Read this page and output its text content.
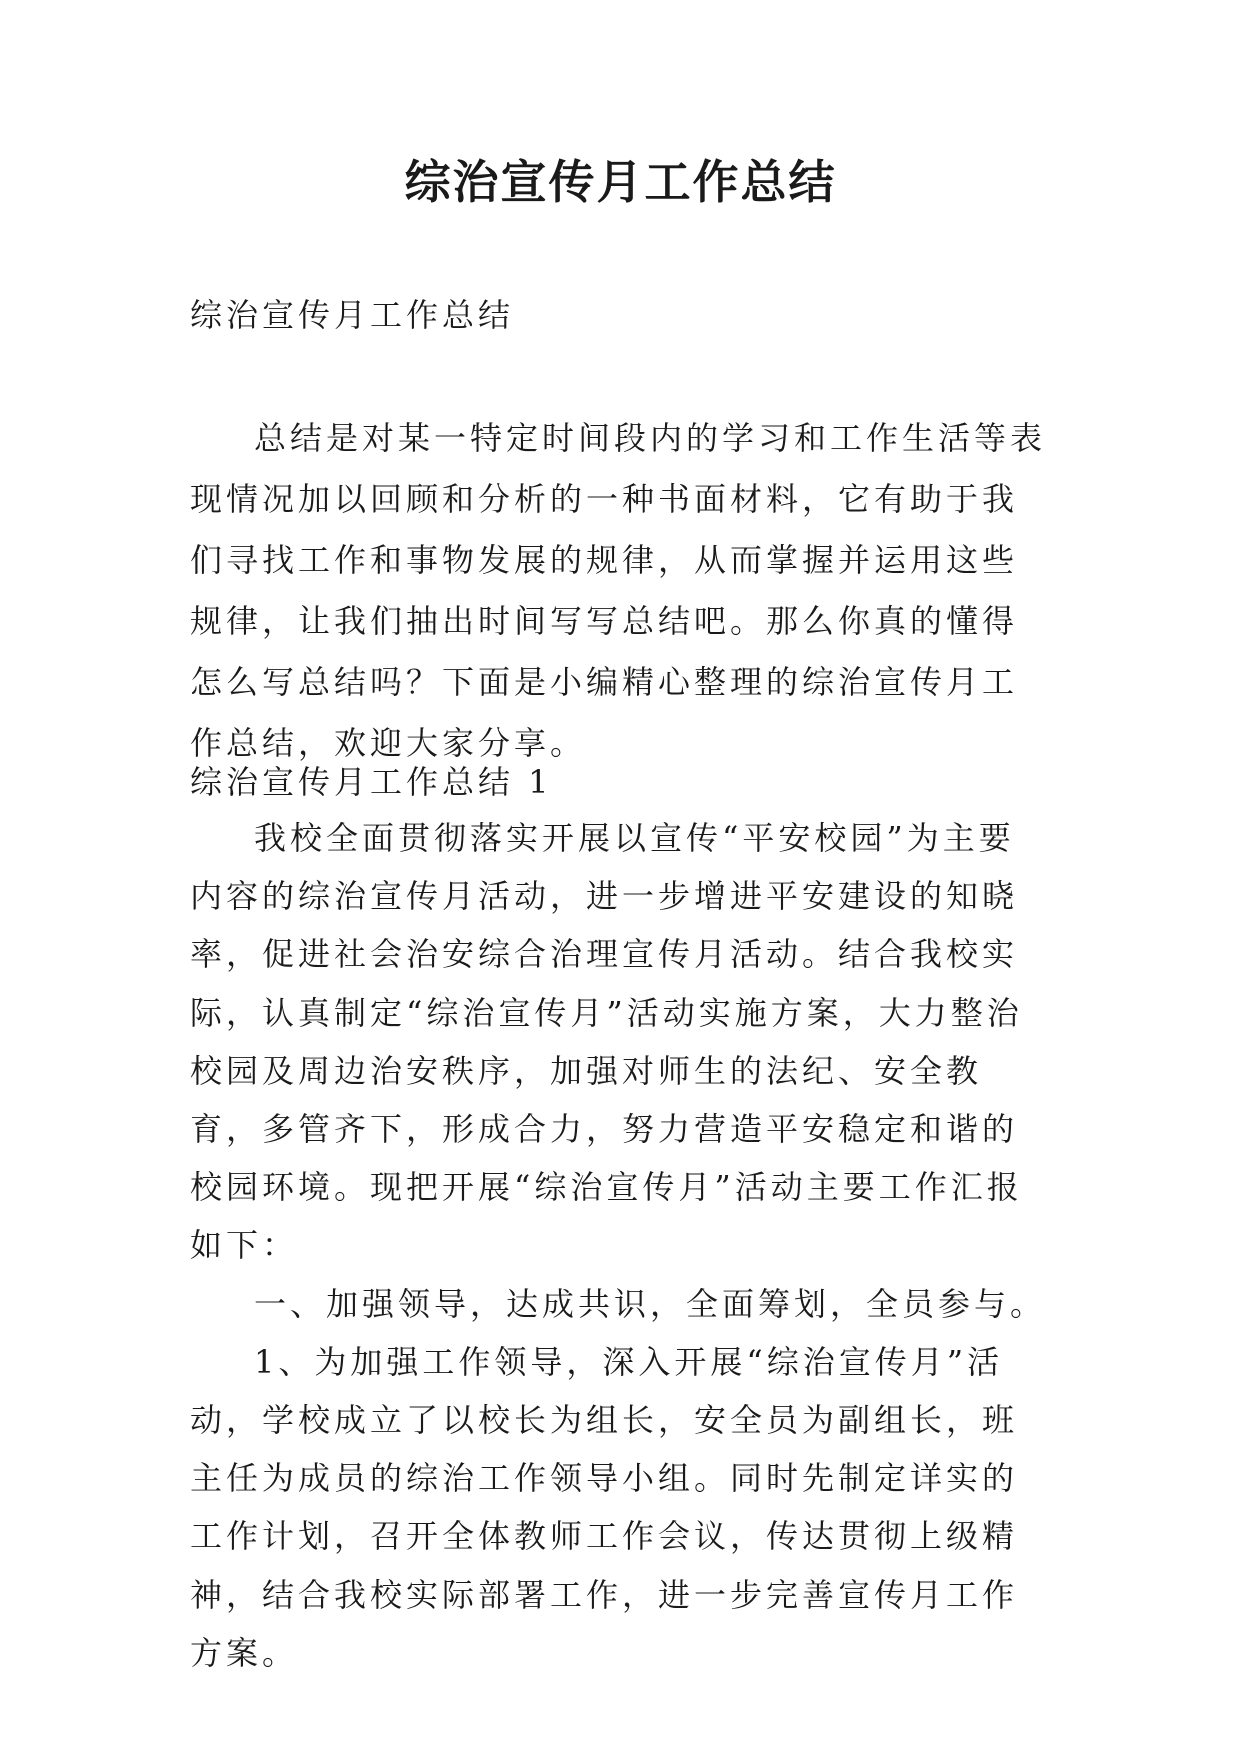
综治宣传月工作总结

综治宣传月工作总结

总结是对某一特定时间段内的学习和工作生活等表现情况加以回顾和分析的一种书面材料，它有助于我们寻找工作和事物发展的规律，从而掌握并运用这些规律，让我们抽出时间写写总结吧。那么你真的懂得怎么写总结吗？下面是小编精心整理的综治宣传月工作总结，欢迎大家分享。

综治宣传月工作总结 1

我校全面贯彻落实开展以宣传“平安校园”为主要内容的综治宣传月活动，进一步增进平安建设的知晓率，促进社会治安综合治理宣传月活动。结合我校实际，认真制定“综治宣传月”活动实施方案，大力整治校园及周边治安秩序，加强对师生的法纪、安全教育，多管齐下，形成合力，努力营造平安稳定和谐的校园环境。现把开展“综治宣传月”活动主要工作汇报如下：

一、加强领导，达成共识，全面筹划，全员参与。

1、为加强工作领导，深入开展“综治宣传月”活动，学校成立了以校长为组长，安全员为副组长，班主任为成员的综治工作领导小组。同时先制定详实的工作计划，召开全体教师工作会议，传达贯彻上级精神，结合我校实际部署工作，进一步完善宣传月工作方案。
